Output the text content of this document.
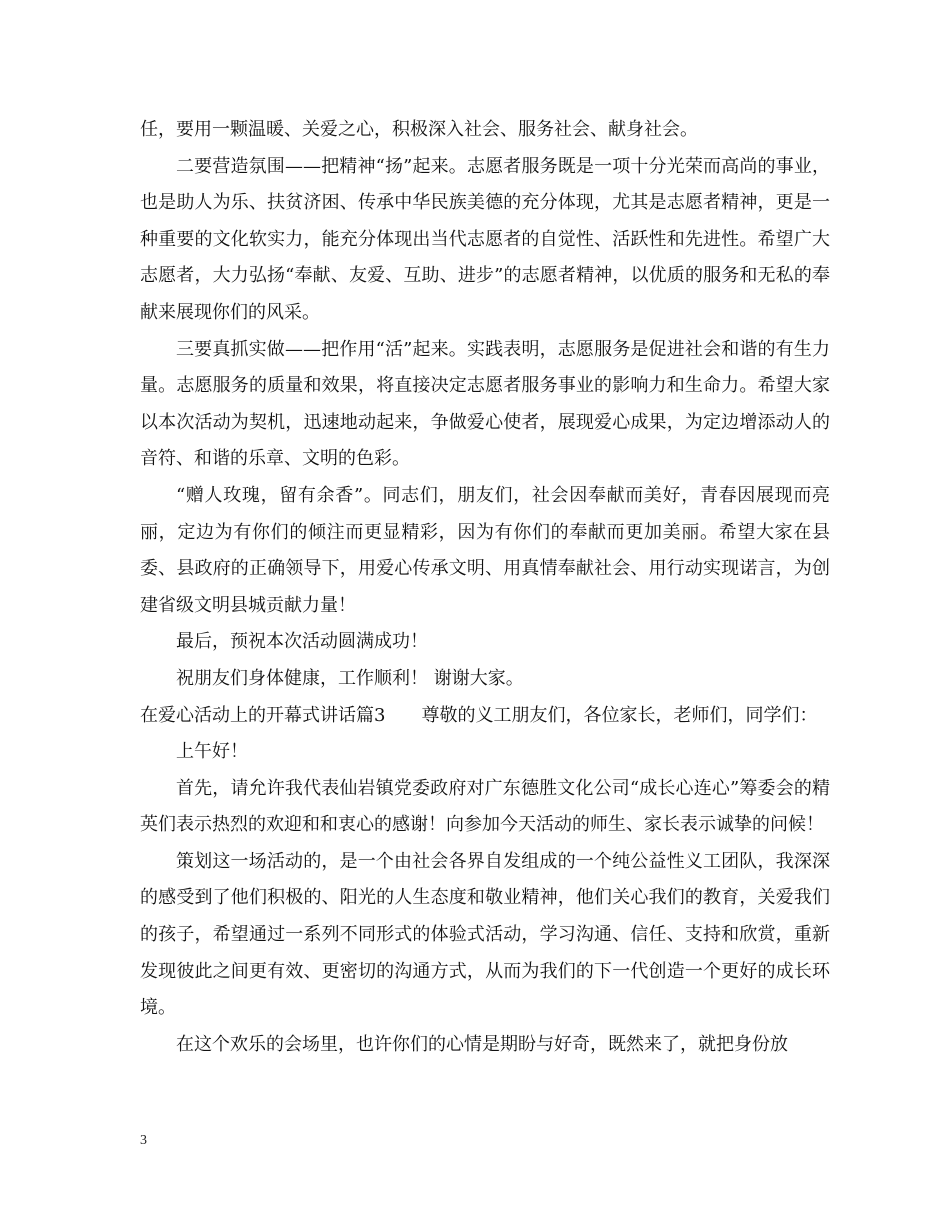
任，要用一颗温暖、关爱之心，积极深入社会、服务社会、献身社会。

二要营造氛围——把精神“扬”起来。志愿者服务既是一项十分光荣而高尚的事业，也是助人为乐、扶贫济困、传承中华民族美德的充分体现，尤其是志愿者精神，更是一种重要的文化软实力，能充分体现出当代志愿者的自觉性、活跃性和先进性。希望广大志愿者，大力弘扬“奉献、友爱、互助、进步”的志愿者精神，以优质的服务和无私的奉献来展现你们的风采。

三要真抓实做——把作用“活”起来。实践表明，志愿服务是促进社会和谐的有生力量。志愿服务的质量和效果，将直接决定志愿者服务事业的影响力和生命力。希望大家以本次活动为契机，迅速地动起来，争做爱心使者，展现爱心成果，为定边增添动人的音符、和谐的乐章、文明的色彩。

“赠人玫瑰，留有余香”。同志们，朋友们，社会因奉献而美好，青春因展现而亮丽，定边为有你们的倾注而更显精彩，因为有你们的奉献而更加美丽。希望大家在县委、县政府的正确领导下，用爱心传承文明、用真情奉献社会、用行动实现诺言，为创建省级文明县城贡献力量！

最后，预祝本次活动圆满成功！

祝朋友们身体健康，工作顺利！ 谢谢大家。

在爱心活动上的开幕式讲话篇3　　尊敬的义工朋友们，各位家长，老师们，同学们：

上午好！

首先，请允许我代表仙岩镇党委政府对广东德胜文化公司“成长心连心”筹委会的精英们表示热烈的欢迎和和衷心的感谢！向参加今天活动的师生、家长表示诚挚的问候！

策划这一场活动的，是一个由社会各界自发组成的一个纯公益性义工团队，我深深的感受到了他们积极的、阳光的人生态度和敬业精神，他们关心我们的教育，关爱我们的孩子，希望通过一系列不同形式的体验式活动，学习沟通、信任、支持和欣赏，重新发现彼此之间更有效、更密切的沟通方式，从而为我们的下一代创造一个更好的成长环境。

在这个欢乐的会场里，也许你们的心情是期盼与好奇，既然来了，就把身份放

3
